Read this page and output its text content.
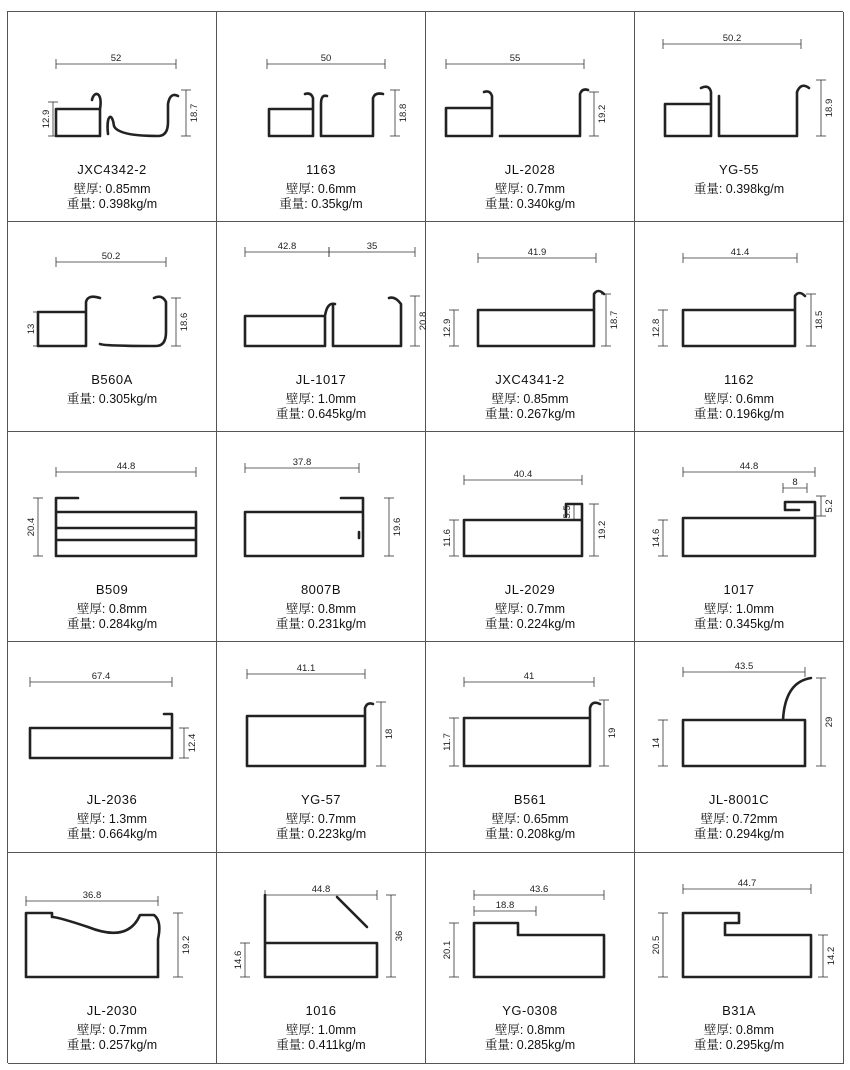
52
12.9	18.7
JXC4342-2
壁厚: 0.85mm
重量: 0.398kg/m
50
18.8
1163
壁厚: 0.6mm
重量: 0.35kg/m
55
19.2
JL-2028
壁厚: 0.7mm
重量: 0.340kg/m
50.2
18.9
YG-55
重量: 0.398kg/m
50.2
13	18.6
B560A
重量: 0.305kg/m
42.8	35
20.8
JL-1017
壁厚: 1.0mm
重量: 0.645kg/m
41.9
12.9	18.7
JXC4341-2
壁厚: 0.85mm
重量: 0.267kg/m
41.4
12.8	18.5
1162
壁厚: 0.6mm
重量: 0.196kg/m
44.8
20.4
B509
壁厚: 0.8mm
重量: 0.284kg/m
37.8
19.6
8007B
壁厚: 0.8mm
重量: 0.231kg/m
40.4
11.6	19.2
5.5
JL-2029
壁厚: 0.7mm
重量: 0.224kg/m
44.8
14.6
8
5.2
1017
壁厚: 1.0mm
重量: 0.345kg/m
67.4
12.4
JL-2036
壁厚: 1.3mm
重量: 0.664kg/m
41.1
18
YG-57
壁厚: 0.7mm
重量: 0.223kg/m
41
11.7
19
B561
壁厚: 0.65mm
重量: 0.208kg/m
43.5
14
29
JL-8001C
壁厚: 0.72mm
重量: 0.294kg/m
36.8
19.2
JL-2030
壁厚: 0.7mm
重量: 0.257kg/m
44.8
14.6
36
1016
壁厚: 1.0mm
重量: 0.411kg/m
43.6
18.8
20.1
YG-0308
壁厚: 0.8mm
重量: 0.285kg/m
44.7
20.5
14.2
B31A
壁厚: 0.8mm
重量: 0.295kg/m
